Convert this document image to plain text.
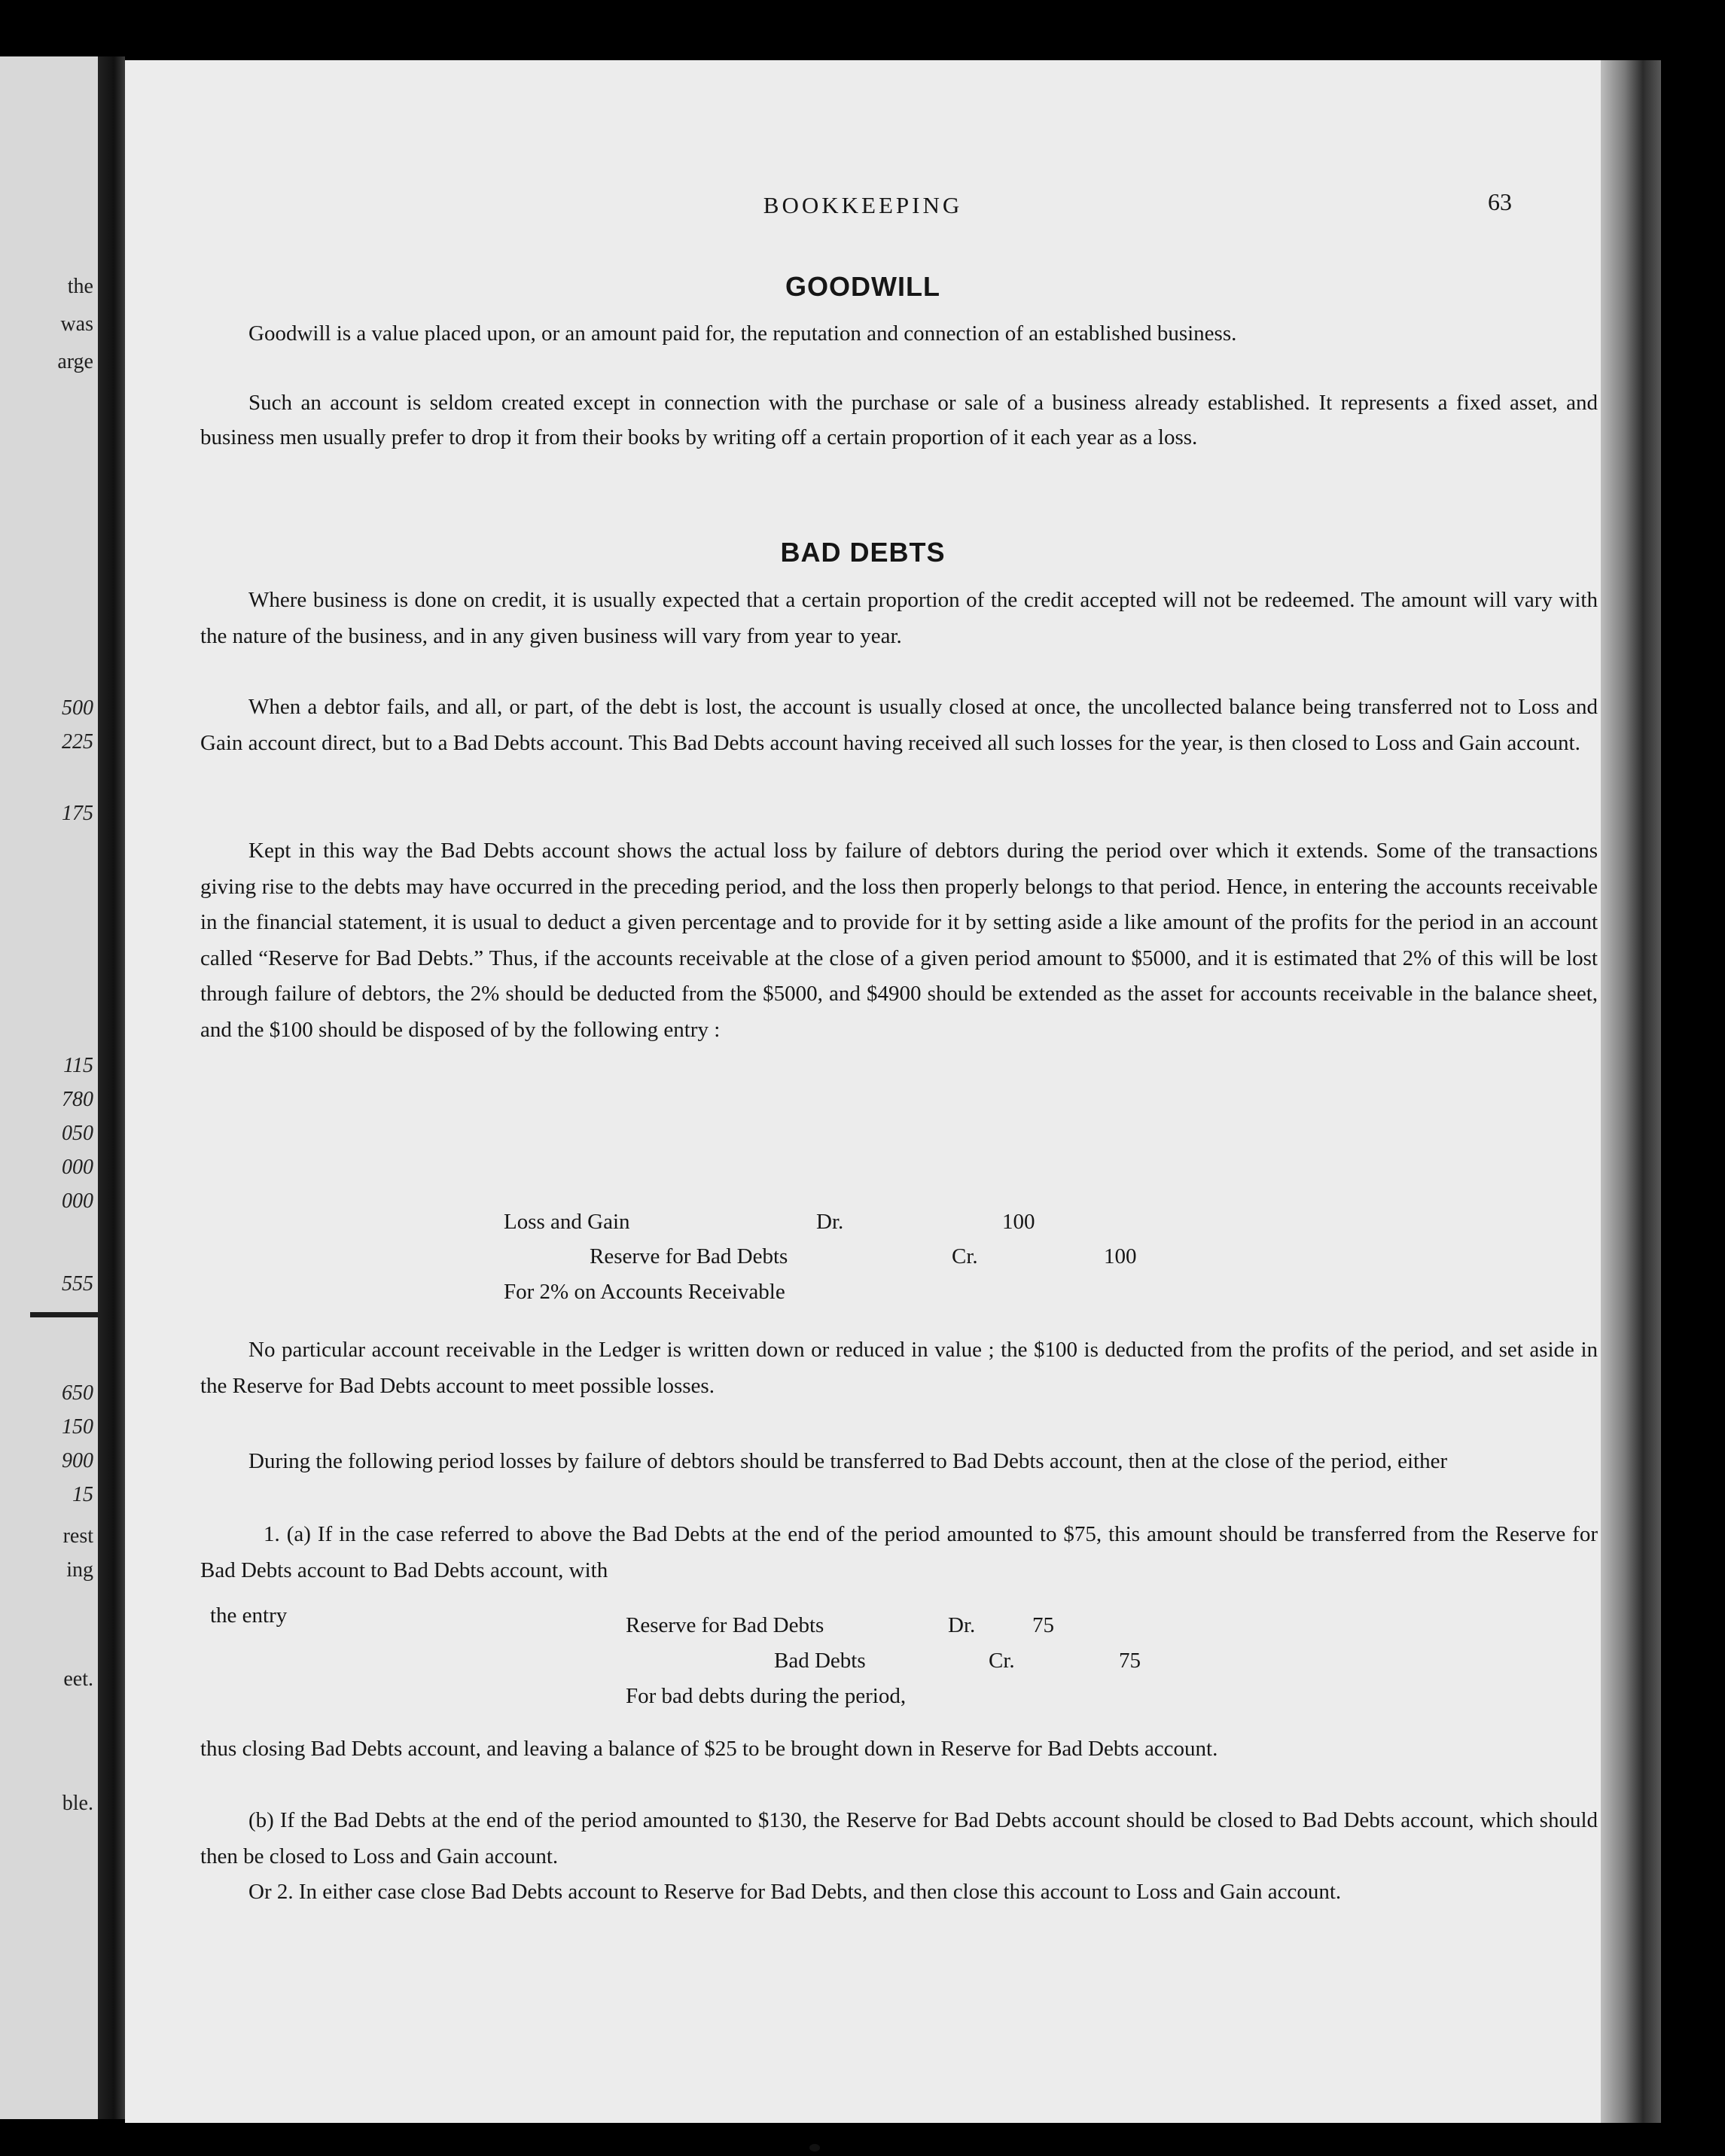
the
was
arge
500
225
175
115
780
050
000
000
555
650
150
900
15
rest
ing
eet.
ble.
BOOKKEEPING	63
GOODWILL

Goodwill is a value placed upon, or an amount paid for, the reputation and connection of an established business.

Such an account is seldom created except in connection with the purchase or sale of a business already established. It represents a fixed asset, and business men usually prefer to drop it from their books by writing off a certain proportion of it each year as a loss.

BAD DEBTS

Where business is done on credit, it is usually expected that a certain proportion of the credit accepted will not be redeemed. The amount will vary with the nature of the business, and in any given business will vary from year to year.

When a debtor fails, and all, or part, of the debt is lost, the account is usually closed at once, the uncollected balance being transferred not to Loss and Gain account direct, but to a Bad Debts account. This Bad Debts account having received all such losses for the year, is then closed to Loss and Gain account.

Kept in this way the Bad Debts account shows the actual loss by failure of debtors during the period over which it extends. Some of the transactions giving rise to the debts may have occurred in the preceding period, and the loss then properly belongs to that period. Hence, in entering the accounts receivable in the financial statement, it is usual to deduct a given percentage and to provide for it by setting aside a like amount of the profits for the period in an account called “Reserve for Bad Debts.” Thus, if the accounts receivable at the close of a given period amount to $5000, and it is estimated that 2% of this will be lost through failure of debtors, the 2% should be deducted from the $5000, and $4900 should be extended as the asset for accounts receivable in the balance sheet, and the $100 should be disposed of by the following entry :

Loss and Gain	Dr.	100
Reserve for Bad Debts	Cr.	100
For 2% on Accounts Receivable

No particular account receivable in the Ledger is written down or reduced in value ; the $100 is deducted from the profits of the period, and set aside in the Reserve for Bad Debts account to meet possible losses.

During the following period losses by failure of debtors should be transferred to Bad Debts account, then at the close of the period, either

1. (a) If in the case referred to above the Bad Debts at the end of the period amounted to $75, this amount should be transferred from the Reserve for Bad Debts account to Bad Debts account, with

the entry	Reserve for Bad Debts	Dr.	75
Bad Debts	Cr.	75
For bad debts during the period,

thus closing Bad Debts account, and leaving a balance of $25 to be brought down in Reserve for Bad Debts account.

(b) If the Bad Debts at the end of the period amounted to $130, the Reserve for Bad Debts account should be closed to Bad Debts account, which should then be closed to Loss and Gain account.

Or 2. In either case close Bad Debts account to Reserve for Bad Debts, and then close this account to Loss and Gain account.
